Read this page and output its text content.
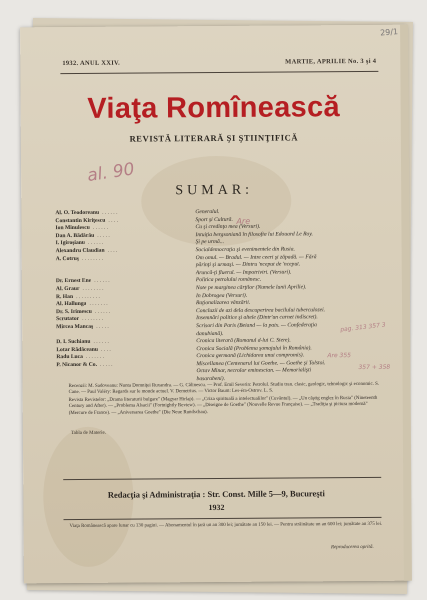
29/1
1932. ANUL XXIV.	MARTIE, APRILIE No. 3 şi 4
Viaţa Romînească
REVISTĂ LITERARĂ ŞI ŞTIINŢIFICĂ
al. 90
SUMAR:
Al. O. Teodoreanu . . . . . .	Generalul.
Constantin Kiriţescu . . . .	Sport şi Cultură.
Ion Minulescu . . . . . .	Cu şi credinţa mea (Versuri).
Dan A. Bădărău . . . . .	Intuiţia bergsoniană în filosofia lui Edouard Le Roy.
I. Igiroşianu . . . . . .	Şi pe urmă...
Alexandru Claudian . . . .	Socialdemocraţia şi evenimentele din Rusia.
A. Cotruş . . . . . . . .	Om omul. — Bradul. — Intre ceeri şi zăpadă. — Fără
părinţi şi urmaşi. — Dintru 'nceput de 'nceput.
Aruncă-ţi fluerul. — Împotriviri. (Versuri).
Dr. Ernest Ene . . . . . .	Politica petrolului românesc.
Al. Graur . . . . . . . .	Note pe marginea cărţilor (Numele lunii Aprilie).
R. Han . . . . . . . . .	In Dobrogea (Versuri).
Al. Hallunga . . . . . . .	Raţionalizarea vânzării.
Dr. S. Irimescu . . . . . .	Concluzii de azi dela descoperirea bacilului tuberculozei.
Scrutator . . . . . . . .	Însemnări politice şi altele (Dintr'un carnet indiscret).
Mircea Mancaş . . . . .	Scrisori din Paris (Beiand — la paix. — Confederaţia
danubiană).
D. I. Suchianu . . . . . .	Cronica literară (Romanul d-lui C. Stere).
Lotar Rădăceanu . . . .	Cronica Socială (Problema şomajului în România).
Radu Luca . . . . . . .	Cronica germană (Lichidarea unui compromis).
P. Nicanor & Co. . . . . .	Miscellanea (Centenarul lui Goethe. — Goethe şi Tolstoi.
Octav Minar, necrolor eminescian. — Memorialişti
basarabeni).
Are
pag. 313 357 3
Are 355
357 + 358

Recenzii: M. Sadoveanu: Nunta Domniţei Ruxandra. — G. Călinescu. — Prof. Emil Severin: Petrolul. Studiu tran. clasic, geologic, tehnologic şi economic. S. Cane. — Paul Valéry: Regards sur le monde actuel. V. Demetrius. — Victor Baum: Les-éra-Ostrov. L. S.

Revista Revistelor: „Drama literaturii bulgare" (Magyar Hirlap). — „Criza spirituală a intelectualilor" (Cuvântul). — „Un câştig englez în Rusia" (Nineteenth Century and After). — „Problema Alsacii" (Fortnightly Review). — „Diseigne de Goethe" (Nouvelle Revue Française). — „Tradiţia şi pictura modernă" (Mercure de France). — „Aniversarea Goethe" (Die Neue Rundschau).

Tabla de Materie.
Redacţia şi Administraţia : Str. Const. Mille 5—9, Bucureşti
1932
Viaţa Românească apare lunar cu 130 pagini. — Abonamentul în ţară un an 300 lei; jumătate an 150 lei. — Pentru străinătate un an 600 lei; jumătate an 375 lei.
Reproducerea oprită.
